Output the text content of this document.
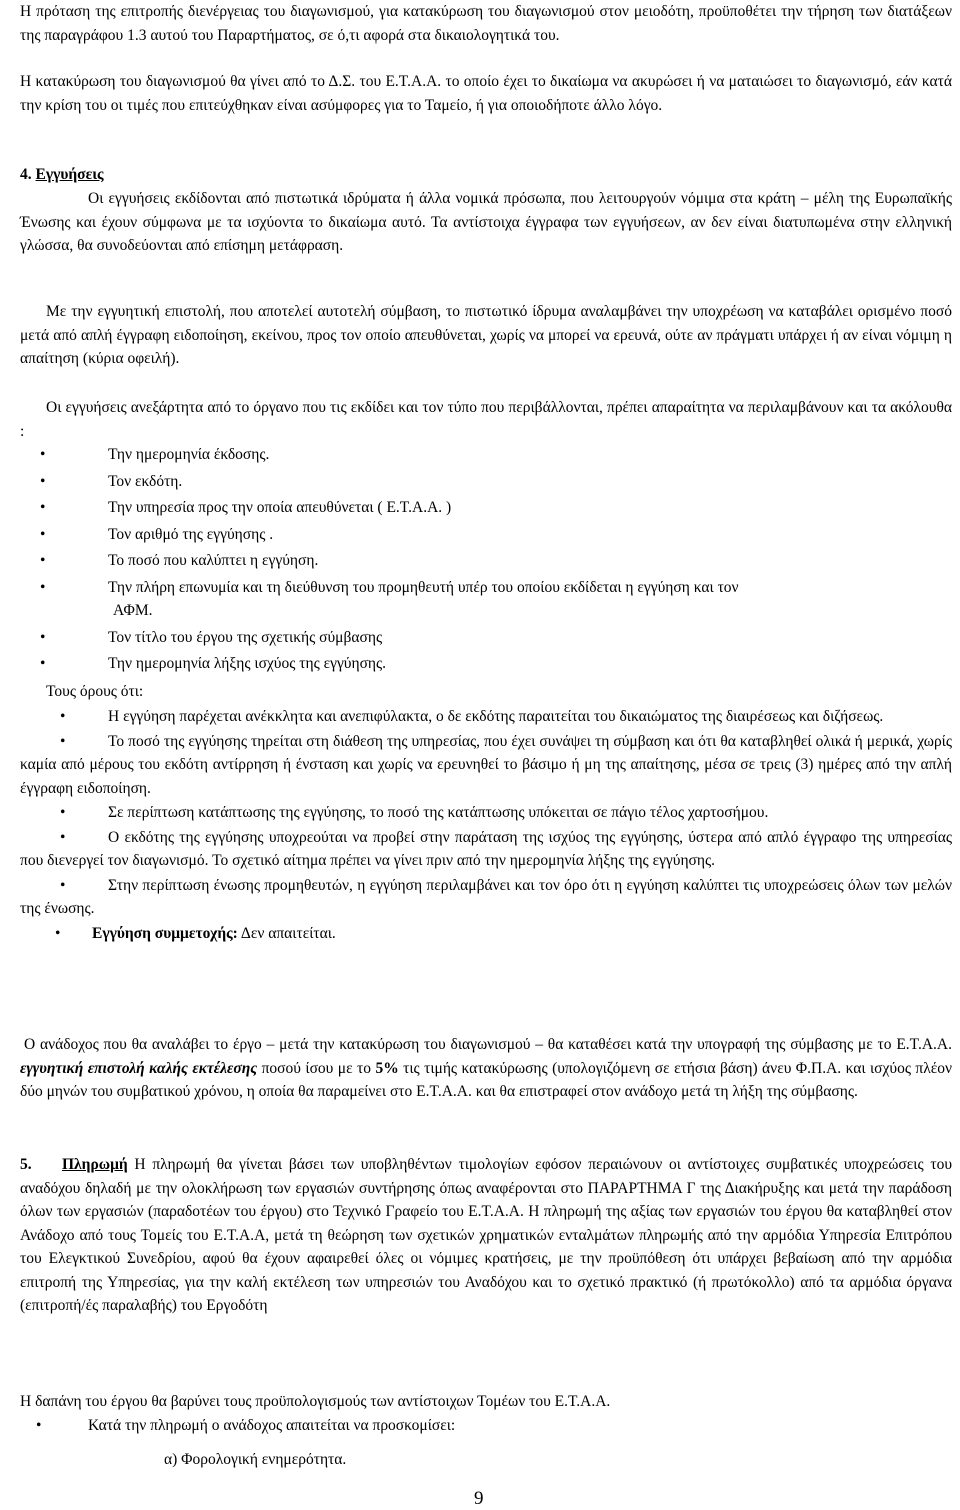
Η πρόταση της επιτροπής διενέργειας του διαγωνισμού, για κατακύρωση του διαγωνισμού στον μειοδότη, προϋποθέτει την τήρηση των διατάξεων της παραγράφου 1.3 αυτού του Παραρτήματος, σε ό,τι αφορά στα δικαιολογητικά του.

Η κατακύρωση του διαγωνισμού θα γίνει από το Δ.Σ. του Ε.Τ.Α.Α. το οποίο έχει το δικαίωμα να ακυρώσει ή να ματαιώσει το διαγωνισμό, εάν κατά την κρίση του οι τιμές που επιτεύχθηκαν είναι ασύμφορες για το Ταμείο, ή για οποιοδήποτε άλλο λόγο.

4. Εγγυήσεις

Οι εγγυήσεις εκδίδονται από πιστωτικά ιδρύματα ή άλλα νομικά πρόσωπα, που λειτουργούν νόμιμα στα κράτη – μέλη της Ευρωπαϊκής Ένωσης και έχουν σύμφωνα με τα ισχύοντα το δικαίωμα αυτό. Τα αντίστοιχα έγγραφα των εγγυήσεων, αν δεν είναι διατυπωμένα στην ελληνική γλώσσα, θα συνοδεύονται από επίσημη μετάφραση.

Με την εγγυητική επιστολή, που αποτελεί αυτοτελή σύμβαση, το πιστωτικό ίδρυμα αναλαμβάνει την υποχρέωση να καταβάλει ορισμένο ποσό μετά από απλή έγγραφη ειδοποίηση, εκείνου, προς τον οποίο απευθύνεται, χωρίς να μπορεί να ερευνά, ούτε αν πράγματι υπάρχει ή αν είναι νόμιμη η απαίτηση (κύρια οφειλή).

Οι εγγυήσεις ανεξάρτητα από το όργανο που τις εκδίδει και τον τύπο που περιβάλλονται, πρέπει απαραίτητα να περιλαμβάνουν και τα ακόλουθα :

•	Την ημερομηνία έκδοσης.
•	Τον εκδότη.
•	Την υπηρεσία προς την οποία απευθύνεται ( Ε.Τ.Α.Α. )
•	Τον αριθμό της εγγύησης .
•	Το ποσό που καλύπτει η εγγύηση.
•	Την πλήρη επωνυμία και τη διεύθυνση του προμηθευτή υπέρ του οποίου εκδίδεται η εγγύηση και τον
ΑΦΜ.
•	Τον τίτλο του έργου της σχετικής σύμβασης
•	Την ημερομηνία λήξης ισχύος της εγγύησης.

Τους όρους ότι:

•	Η εγγύηση παρέχεται ανέκκλητα και ανεπιφύλακτα, ο δε εκδότης παραιτείται του δικαιώματος της διαιρέσεως και διζήσεως.
•	Το ποσό της εγγύησης τηρείται στη διάθεση της υπηρεσίας, που έχει συνάψει τη σύμβαση και ότι θα καταβληθεί ολικά ή μερικά, χωρίς καμία από μέρους του εκδότη αντίρρηση ή ένσταση και χωρίς να ερευνηθεί το βάσιμο ή μη της απαίτησης, μέσα σε τρεις (3) ημέρες από την απλή έγγραφη ειδοποίηση.
•	Σε περίπτωση κατάπτωσης της εγγύησης, το ποσό της κατάπτωσης υπόκειται σε πάγιο τέλος χαρτοσήμου.
•	Ο εκδότης της εγγύησης υποχρεούται να προβεί στην παράταση της ισχύος της εγγύησης, ύστερα από απλό έγγραφο της υπηρεσίας που διενεργεί τον διαγωνισμό. Το σχετικό αίτημα πρέπει να γίνει πριν από την ημερομηνία λήξης της εγγύησης.
•	Στην περίπτωση ένωσης προμηθευτών, η εγγύηση περιλαμβάνει και τον όρο ότι η εγγύηση καλύπτει τις υποχρεώσεις όλων των μελών της ένωσης.
• Εγγύηση συμμετοχής: Δεν απαιτείται.

Ο ανάδοχος που θα αναλάβει το έργο – μετά την κατακύρωση του διαγωνισμού – θα καταθέσει κατά την υπογραφή της σύμβασης με το Ε.Τ.Α.Α. εγγυητική επιστολή καλής εκτέλεσης ποσού ίσου με το 5% τις τιμής κατακύρωσης (υπολογιζόμενη σε ετήσια βάση) άνευ Φ.Π.Α. και ισχύος πλέον δύο μηνών του συμβατικού χρόνου, η οποία θα παραμείνει στο Ε.Τ.Α.Α. και θα επιστραφεί στον ανάδοχο μετά τη λήξη της σύμβασης.

5. Πληρωμή Η πληρωμή θα γίνεται βάσει των υποβληθέντων τιμολογίων εφόσον περαιώνουν οι αντίστοιχες συμβατικές υποχρεώσεις του αναδόχου δηλαδή με την ολοκλήρωση των εργασιών συντήρησης όπως αναφέρονται στο ΠΑΡΑΡΤΗΜΑ Γ της Διακήρυξης και μετά την παράδοση όλων των εργασιών (παραδοτέων του έργου) στο Τεχνικό Γραφείο του Ε.Τ.Α.Α. Η πληρωμή της αξίας των εργασιών του έργου θα καταβληθεί στον Ανάδοχο από τους Τομείς του Ε.Τ.Α.Α, μετά τη θεώρηση των σχετικών χρηματικών ενταλμάτων πληρωμής από την αρμόδια Υπηρεσία Επιτρόπου του Ελεγκτικού Συνεδρίου, αφού θα έχουν αφαιρεθεί όλες οι νόμιμες κρατήσεις, με την προϋπόθεση ότι υπάρχει βεβαίωση από την αρμόδια επιτροπή της Υπηρεσίας, για την καλή εκτέλεση των υπηρεσιών του Αναδόχου και το σχετικό πρακτικό (ή πρωτόκολλο) από τα αρμόδια όργανα (επιτροπή/ές παραλαβής) του Εργοδότη

Η δαπάνη του έργου θα βαρύνει τους προϋπολογισμούς των αντίστοιχων Τομέων του Ε.Τ.Α.Α.

•	Κατά την πληρωμή ο ανάδοχος απαιτείται να προσκομίσει:

α) Φορολογική ενημερότητα.

9
